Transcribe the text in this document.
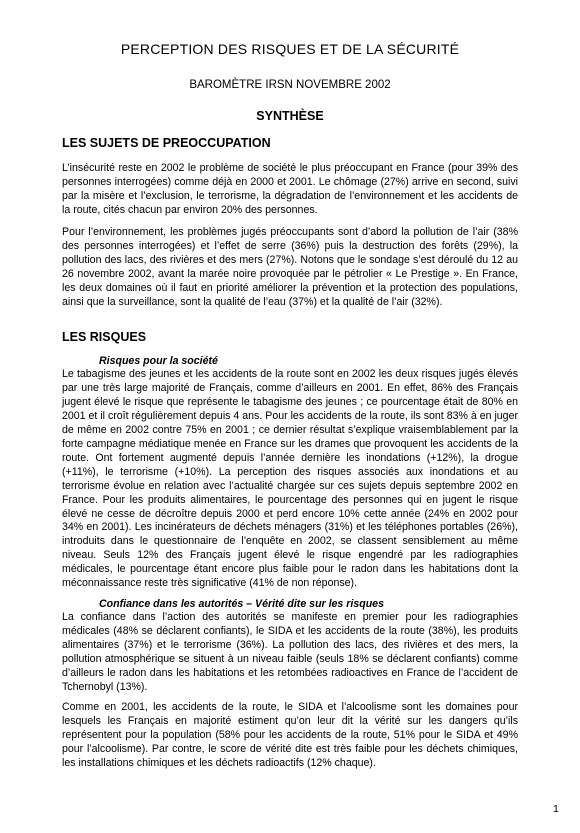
PERCEPTION DES RISQUES ET DE LA SÉCURITÉ
BAROMÈTRE IRSN NOVEMBRE 2002
SYNTHÈSE
LES SUJETS DE PREOCCUPATION
L’insécurité reste en 2002 le problème de société le plus préoccupant en France (pour 39% des personnes interrogées) comme déjà en 2000 et 2001. Le chômage (27%) arrive en second, suivi par la misère et l’exclusion, le terrorisme, la dégradation de l’environnement et les accidents de la route, cités chacun par environ 20% des personnes.
Pour l’environnement, les problèmes jugés préoccupants sont d’abord la pollution de l’air (38% des personnes interrogées) et l’effet de serre (36%) puis la destruction des forêts (29%), la pollution des lacs, des rivières et des mers (27%). Notons que le sondage s’est déroulé du 12 au 26 novembre 2002, avant la marée noire provoquée par le pétrolier « Le Prestige ». En France, les deux domaines où il faut en priorité améliorer la prévention et la protection des populations, ainsi que la surveillance, sont la qualité de l’eau (37%) et la qualité de l’air (32%).
LES RISQUES
Risques pour la société
Le tabagisme des jeunes et les accidents de la route sont en 2002 les deux risques jugés élevés par une très large majorité de Français, comme d’ailleurs en 2001. En effet, 86% des Français jugent élevé le risque que représente le tabagisme des jeunes ; ce pourcentage était de 80% en 2001 et il croît régulièrement depuis 4 ans. Pour les accidents de la route, ils sont 83% à en juger de même en 2002 contre 75% en 2001 ; ce dernier résultat s’explique vraisemblablement par la forte campagne médiatique menée en France sur les drames que provoquent les accidents de la route. Ont fortement augmenté depuis l’année dernière les inondations (+12%), la drogue (+11%), le terrorisme (+10%). La perception des risques associés aux inondations et au terrorisme évolue en relation avec l’actualité chargée sur ces sujets depuis septembre 2002 en France. Pour les produits alimentaires, le pourcentage des personnes qui en jugent le risque élevé ne cesse de décroître depuis 2000 et perd encore 10% cette année (24% en 2002 pour 34% en 2001). Les incinérateurs de déchets ménagers (31%) et les téléphones portables (26%), introduits dans le questionnaire de l’enquête en 2002, se classent sensiblement au même niveau. Seuls 12% des Français jugent élevé le risque engendré par les radiographies médicales, le pourcentage étant encore plus faible pour le radon dans les habitations dont la méconnaissance reste très significative (41% de non réponse).
Confiance dans les autorités – Vérité dite sur les risques
La confiance dans l’action des autorités se manifeste en premier pour les radiographies médicales (48% se déclarent confiants), le SIDA et les accidents de la route (38%), les produits alimentaires (37%) et le terrorisme (36%). La pollution des lacs, des rivières et des mers, la pollution atmosphérique se situent à un niveau faible (seuls 18% se déclarent confiants) comme d’ailleurs le radon dans les habitations et les retombées radioactives en France de l’accident de Tchernobyl (13%).
Comme en 2001, les accidents de la route, le SIDA et l’alcoolisme sont les domaines pour lesquels les Français en majorité estiment qu’on leur dit la vérité sur les dangers qu’ils représentent pour la population (58% pour les accidents de la route, 51% pour le SIDA et 49% pour l’alcoolisme). Par contre, le score de vérité dite est très faible pour les déchets chimiques, les installations chimiques et les déchets radioactifs (12% chaque).
1
